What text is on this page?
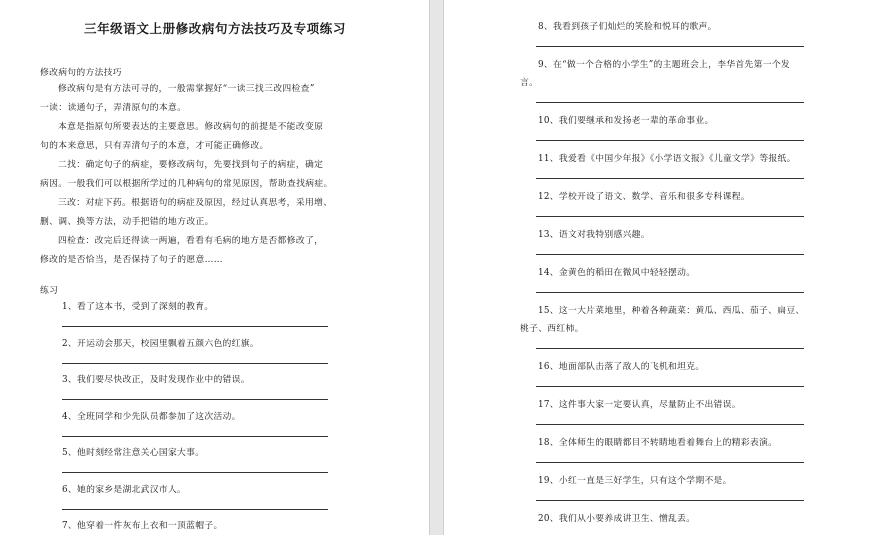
三年级语文上册修改病句方法技巧及专项练习
修改病句的方法技巧
修改病句是有方法可寻的，一般需掌握好“一读三找三改四检查”
一读：读通句子，弄清原句的本意。
本意是指原句所要表达的主要意思。修改病句的前提是不能改变原
句的本来意思，只有弄清句子的本意，才可能正确修改。
二找：确定句子的病症，要修改病句，先要找到句子的病症，确定
病因。一般我们可以根据所学过的几种病句的常见原因，帮助查找病症。
三改：对症下药。根据语句的病症及原因，经过认真思考，采用增、
删、调、换等方法，动手把错的地方改正。
四检查：改完后还得读一两遍，看看有毛病的地方是否都修改了，
修改的是否恰当，是否保持了句子的愿意……
练习
1、看了这本书，受到了深刻的教育。
2、开运动会那天，校园里飘着五颜六色的红旗。
3、我们要尽快改正，及时发现作业中的错误。
4、全班同学和少先队员都参加了这次活动。
5、他时刻经常注意关心国家大事。
6、她的家乡是湖北武汉市人。
7、他穿着一件灰布上衣和一顶蓝帽子。
8、我看到孩子们灿烂的笑脸和悦耳的歌声。
9、在“做一个合格的小学生”的主题班会上，李华首先第一个发
言。
10、我们要继承和发扬老一辈的革命事业。
11、我爱看《中国少年报》《小学语文报》《儿童文学》等报纸。
12、学校开设了语文、数学、音乐和很多专科课程。
13、语文对我特别感兴趣。
14、金黄色的稻田在微风中轻轻摆动。
15、这一大片菜地里，种着各种蔬菜：黄瓜、西瓜、茄子、扁豆、
桃子、西红柿。
16、地面部队击落了敌人的飞机和坦克。
17、这件事大家一定要认真，尽量防止不出错误。
18、全体师生的眼睛都目不转睛地看着舞台上的精彩表演。
19、小红一直是三好学生，只有这个学期不是。
20、我们从小要养成讲卫生、憎乱丢。
